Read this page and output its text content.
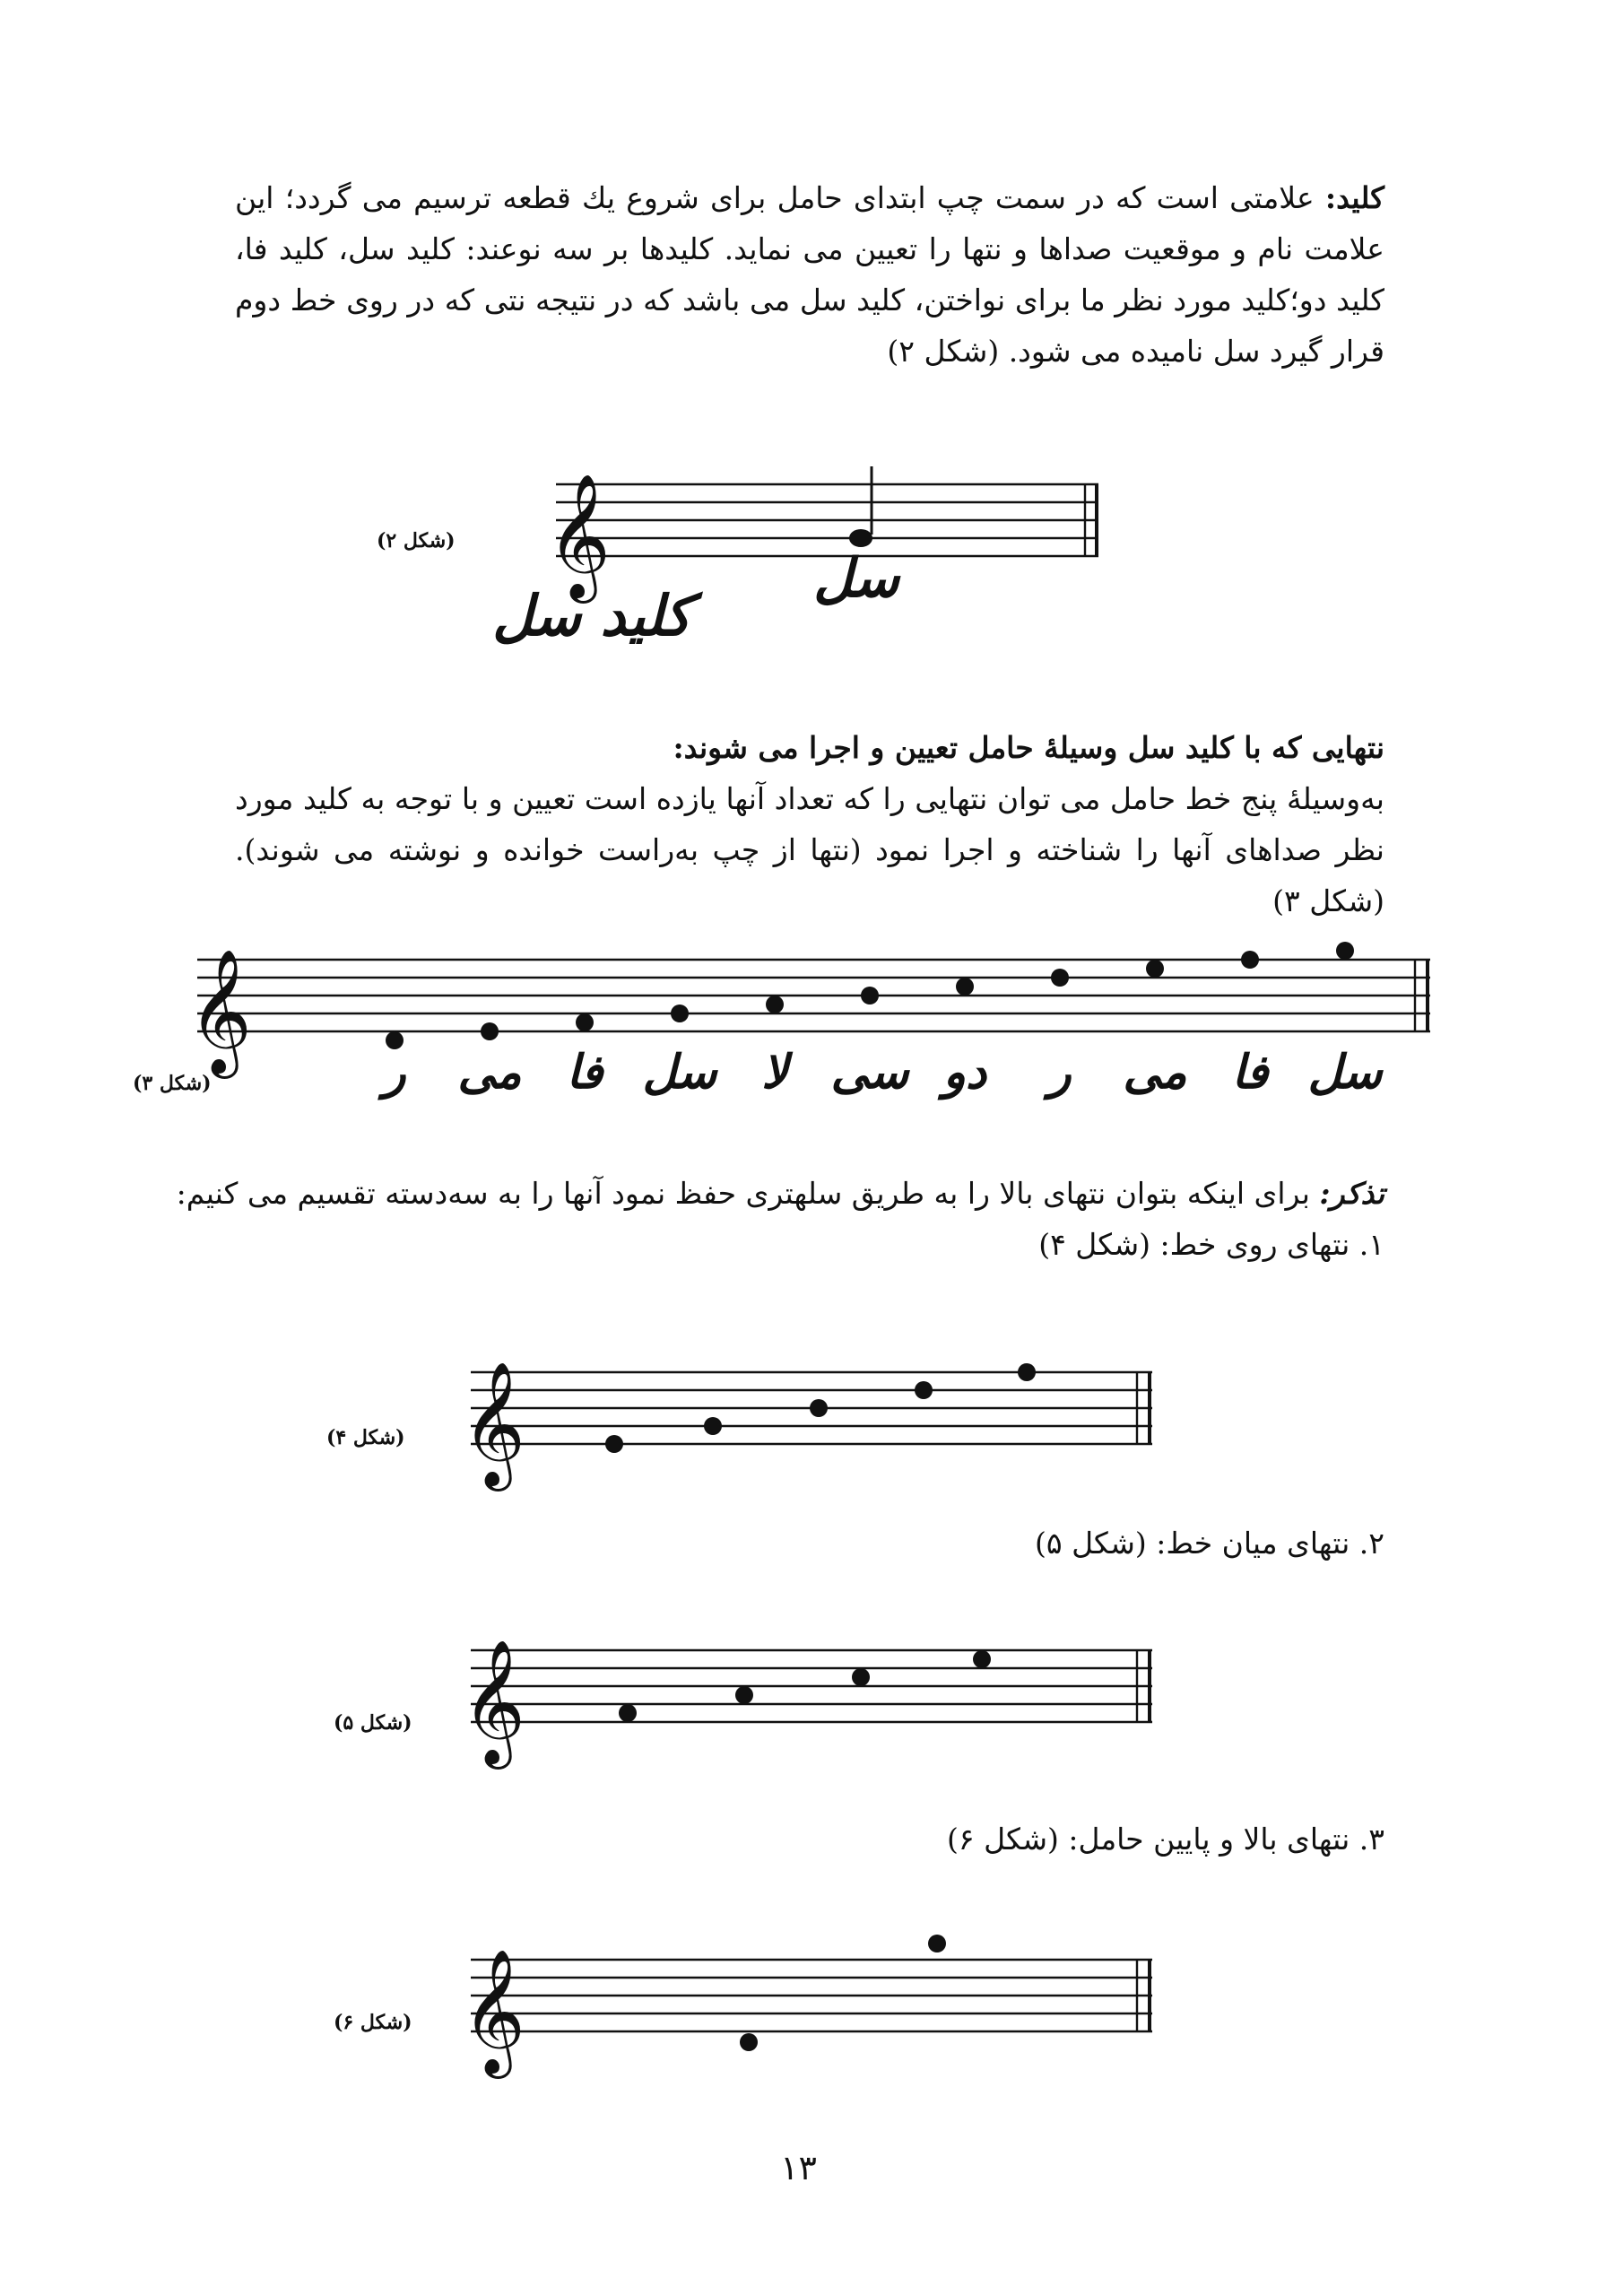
کلید: علامتی است که در سمت چپ ابتدای حامل برای شروع یك قطعه ترسیم می گردد؛ این علامت نام و موقعیت صداها و نتها را تعیین می نماید. کلیدها بر سه نوعند: کلید سل، کلید فا، کلید دو؛کلید مورد نظر ما برای نواختن، کلید سل می باشد که در نتیجه نتی که در روی خط دوم قرار گیرد سل نامیده می شود. (شکل ۲)

(شکل ۲) 𝄞
کلید سل
سل

نتهایی که با کلید سل وسیلهٔ حامل تعیین و اجرا می شوند:

به‌وسیلهٔ پنج خط حامل می توان نتهایی را که تعداد آنها یازده است تعیین و با توجه به کلید مورد نظر صداهای آنها را شناخته و اجرا نمود (نتها از چپ به‌راست خوانده و نوشته می شوند). (شکل ۳)

(شکل ۳)
𝄞	ر می فا سل لا سی دو ر می فا سل

تذکر: برای اینکه بتوان نتهای بالا را به طریق سلهتری حفظ نمود آنها را به سه‌دسته تقسیم می کنیم:

۱. نتهای روی خط: (شکل ۴)

(شکل ۴) 𝄞

۲. نتهای میان خط: (شکل ۵)

(شکل ۵) 𝄞

۳. نتهای بالا و پایین حامل: (شکل ۶)

(شکل ۶) 𝄞
۱۳
